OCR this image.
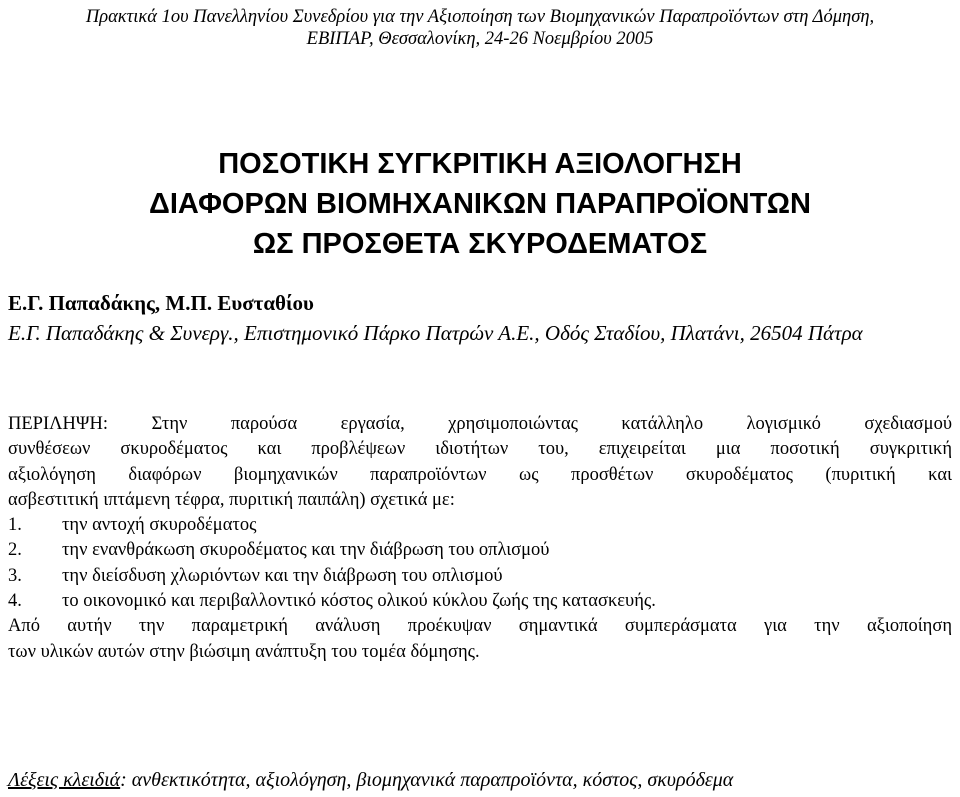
Πρακτικά 1ου Πανελληνίου Συνεδρίου για την Αξιοποίηση των Βιομηχανικών Παραπροϊόντων στη Δόμηση,
ΕΒΙΠΑΡ, Θεσσαλονίκη, 24-26 Νοεμβρίου 2005
ΠΟΣΟΤΙΚΗ ΣΥΓΚΡΙΤΙΚΗ ΑΞΙΟΛΟΓΗΣΗ
ΔΙΑΦΟΡΩΝ ΒΙΟΜΗΧΑΝΙΚΩΝ ΠΑΡΑΠΡΟΪΟΝΤΩΝ
ΩΣ ΠΡΟΣΘΕΤΑ ΣΚΥΡΟΔΕΜΑΤΟΣ
Ε.Γ. Παπαδάκης, Μ.Π. Ευσταθίου
Ε.Γ. Παπαδάκης & Συνεργ., Επιστημονικό Πάρκο Πατρών Α.Ε., Οδός Σταδίου, Πλατάνι, 26504 Πάτρα

ΠΕΡΙΛΗΨΗ: Στην παρούσα εργασία, χρησιμοποιώντας κατάλληλο λογισμικό σχεδιασμού

συνθέσεων σκυροδέματος και προβλέψεων ιδιοτήτων του, επιχειρείται μια ποσοτική συγκριτική

αξιολόγηση διαφόρων βιομηχανικών παραπροϊόντων ως προσθέτων σκυροδέματος (πυριτική και

ασβεστιτική ιπτάμενη τέφρα, πυριτική παιπάλη) σχετικά με:

1.	την αντοχή σκυροδέματος
2.	την ενανθράκωση σκυροδέματος και την διάβρωση του οπλισμού
3.	την διείσδυση χλωριόντων και την διάβρωση του οπλισμού
4.	το οικονομικό και περιβαλλοντικό κόστος ολικού κύκλου ζωής της κατασκευής.

Από αυτήν την παραμετρική ανάλυση προέκυψαν σημαντικά συμπεράσματα για την αξιοποίηση

των υλικών αυτών στην βιώσιμη ανάπτυξη του τομέα δόμησης.

Λέξεις κλειδιά: ανθεκτικότητα, αξιολόγηση, βιομηχανικά παραπροϊόντα, κόστος, σκυρόδεμα
